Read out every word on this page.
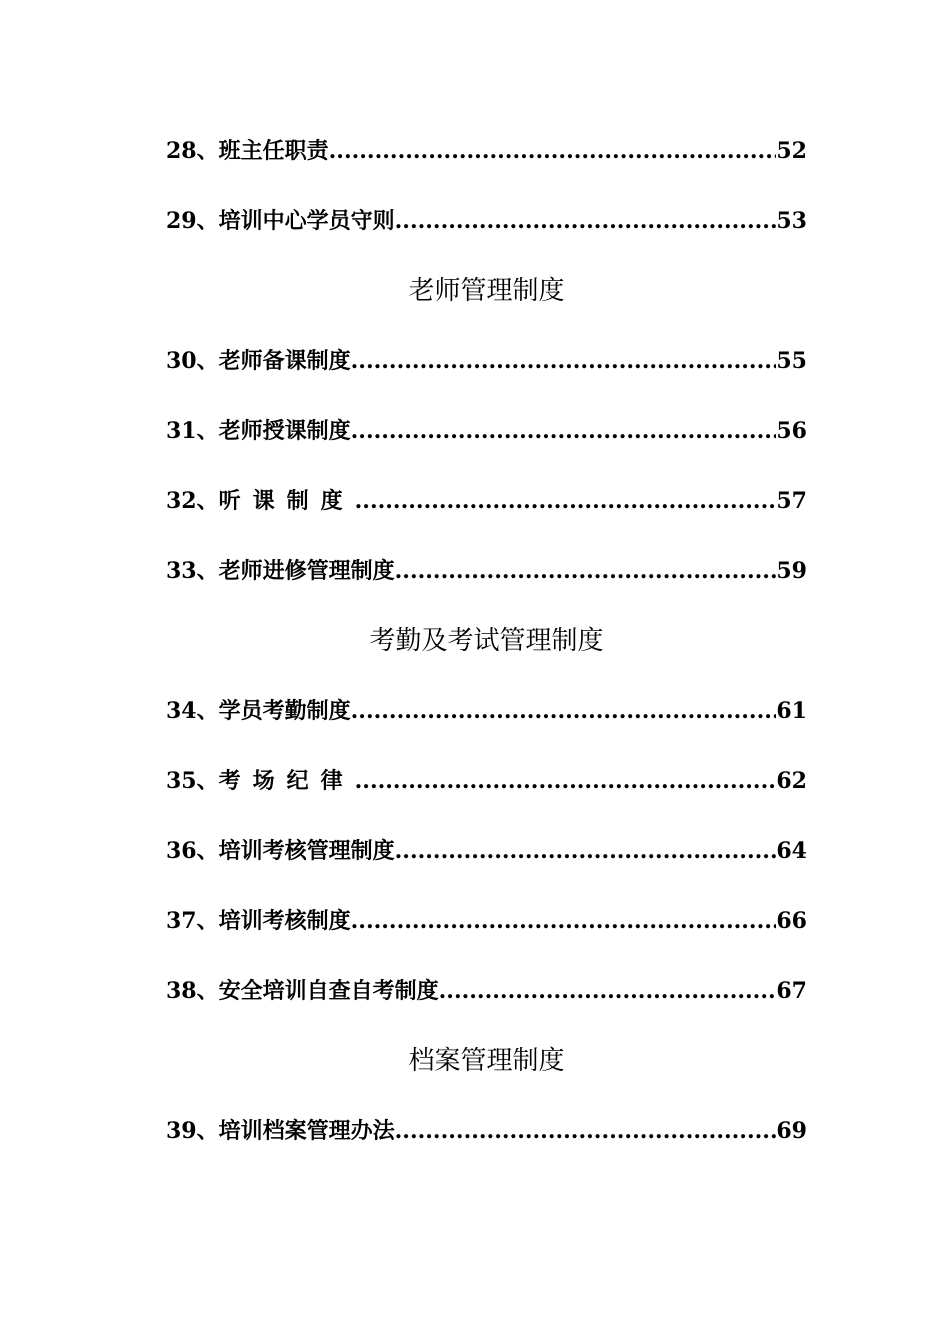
28、 班主任职责 .....	52
29、 培训中心学员守则 .....	53
老师管理制度
30、 老师备课制度 .....	55
31、 老师授课制度 .....	56
32、 听课制度 .....	57
33、 老师进修管理制度 .....	59
考勤及考试管理制度
34、 学员考勤制度 .....	61
35、 考场纪律 .....	62
36、 培训考核管理制度 .....	64
37、 培训考核制度 .....	66
38、 安全培训自查自考制度 .....	67
档案管理制度
39、 培训档案管理办法 .....	69
